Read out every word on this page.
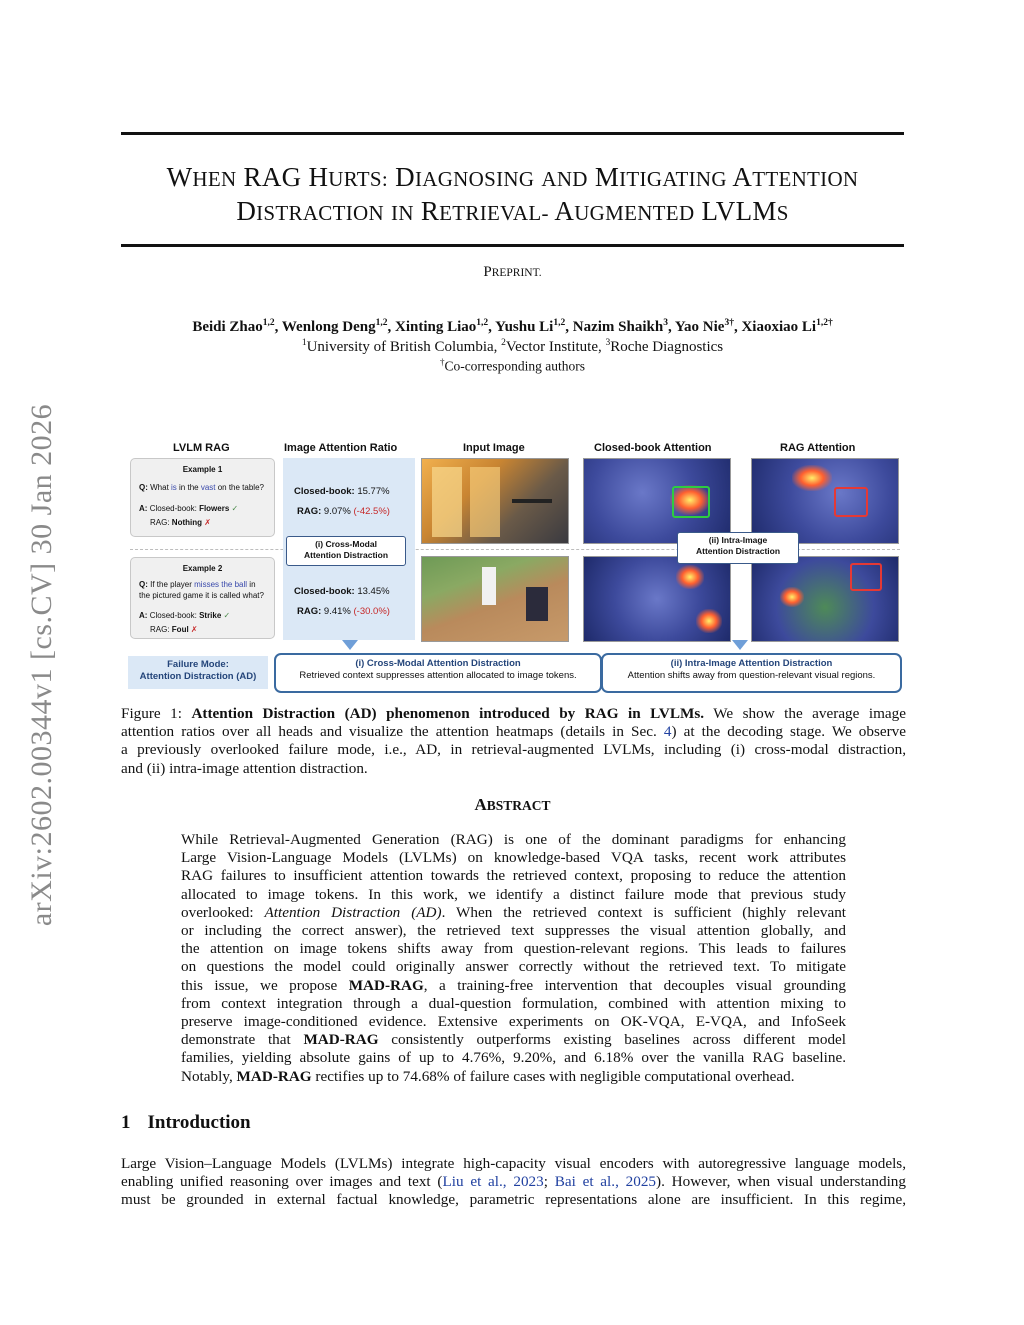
arXiv:2602.00344v1 [cs.CV] 30 Jan 2026
WHEN RAG HURTS: DIAGNOSING AND MITIGATING ATTENTION
DISTRACTION IN RETRIEVAL- AUGMENTED LVLMS
PREPRINT.
Beidi Zhao$^{1,2}$, Wenlong Deng$^{1,2}$, Xinting Liao$^{1,2}$, Yushu Li$^{1,2}$, Nazim Shaikh$^3$, Yao Nie$^{3\dagger}$, Xiaoxiao $Li^{1,2\dagger}$
$^1$University of British Columbia, $^2$Vector Institute, $^3$Roche Diagnostics
†Co-corresponding authors
LVLM RAG	Image Attention Ratio	Input Image	Closed-book Attention	RAG Attention
Example 1
Q: What is in the vast on the table?
A: Closed-book: Flowers ✓
RAG: Nothing ✗
Example 2
Q: If the player misses the ball in
the pictured game it is called what?
A: Closed-book: Strike ✓
RAG: Foul ✗
Closed-book: 15.77%
RAG: 9.07% (-42.5%)
(i) Cross-Modal
Attention Distraction
Closed-book: 13.45%
RAG: 9.41% (-30.0%)
(ii) Intra-Image
Attention Distraction
Failure Mode:
Attention Distraction (AD)
(i) Cross-Modal Attention Distraction
Retrieved context suppresses attention allocated to image tokens.
(ii) Intra-Image Attention Distraction
Attention shifts away from question-relevant visual regions.
Figure 1: Attention Distraction (AD) phenomenon introduced by RAG in LVLMs. We show the average image
attention ratios over all heads and visualize the attention heatmaps (details in Sec. 4) at the decoding stage. We observe
a previously overlooked failure mode, i.e., AD, in retrieval-augmented LVLMs, including (i) cross-modal distraction,
and (ii) intra-image attention distraction.
ABSTRACT
While Retrieval-Augmented Generation (RAG) is one of the dominant paradigms for enhancing
Large Vision-Language Models (LVLMs) on knowledge-based VQA tasks, recent work attributes
RAG failures to insufficient attention towards the retrieved context, proposing to reduce the attention
allocated to image tokens. In this work, we identify a distinct failure mode that previous study
overlooked: Attention Distraction (AD). When the retrieved context is sufficient (highly relevant
or including the correct answer), the retrieved text suppresses the visual attention globally, and
the attention on image tokens shifts away from question-relevant regions. This leads to failures
on questions the model could originally answer correctly without the retrieved text. To mitigate
this issue, we propose MAD-RAG, a training-free intervention that decouples visual grounding
from context integration through a dual-question formulation, combined with attention mixing to
preserve image-conditioned evidence. Extensive experiments on OK-VQA, E-VQA, and InfoSeek
demonstrate that MAD-RAG consistently outperforms existing baselines across different model
families, yielding absolute gains of up to 4.76%, 9.20%, and 6.18% over the vanilla RAG baseline.
Notably, MAD-RAG rectifies up to 74.68% of failure cases with negligible computational overhead.
1 Introduction
Large Vision–Language Models (LVLMs) integrate high-capacity visual encoders with autoregressive language models,
enabling unified reasoning over images and text (Liu et al., 2023; Bai et al., 2025). However, when visual understanding
must be grounded in external factual knowledge, parametric representations alone are insufficient. In this regime,
